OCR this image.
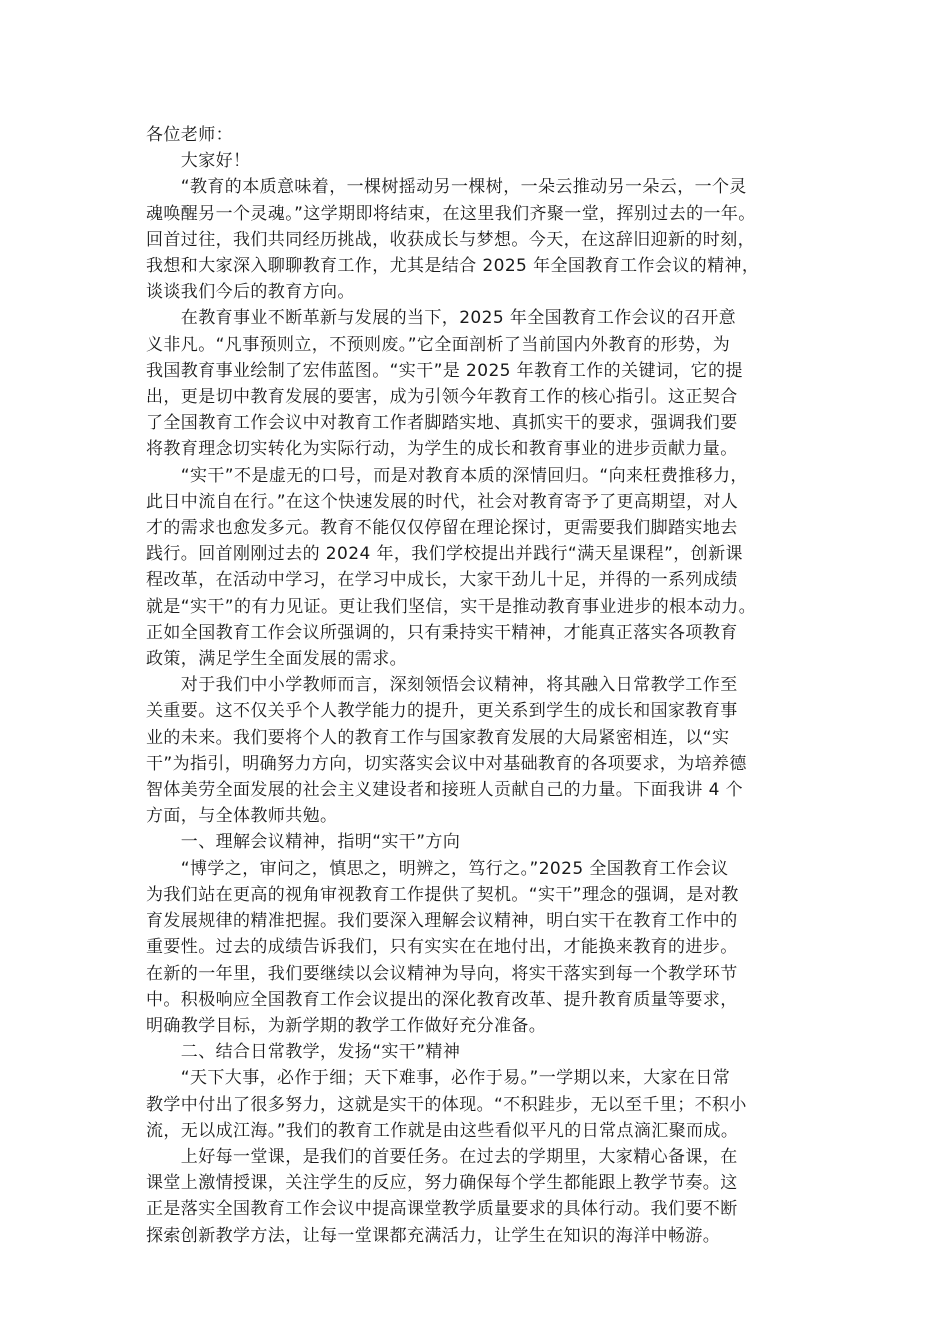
各位老师：
　　大家好！
　　“教育的本质意味着，一棵树摇动另一棵树，一朵云推动另一朵云，一个灵
魂唤醒另一个灵魂。”这学期即将结束，在这里我们齐聚一堂，挥别过去的一年。
回首过往，我们共同经历挑战，收获成长与梦想。今天，在这辞旧迎新的时刻，
我想和大家深入聊聊教育工作，尤其是结合 2025 年全国教育工作会议的精神，
谈谈我们今后的教育方向。
　　在教育事业不断革新与发展的当下，2025 年全国教育工作会议的召开意
义非凡。“凡事预则立，不预则废。”它全面剖析了当前国内外教育的形势，为
我国教育事业绘制了宏伟蓝图。“实干”是 2025 年教育工作的关键词，它的提
出，更是切中教育发展的要害，成为引领今年教育工作的核心指引。这正契合
了全国教育工作会议中对教育工作者脚踏实地、真抓实干的要求，强调我们要
将教育理念切实转化为实际行动，为学生的成长和教育事业的进步贡献力量。
　　“实干”不是虚无的口号，而是对教育本质的深情回归。“向来枉费推移力，
此日中流自在行。”在这个快速发展的时代，社会对教育寄予了更高期望，对人
才的需求也愈发多元。教育不能仅仅停留在理论探讨，更需要我们脚踏实地去
践行。回首刚刚过去的 2024 年，我们学校提出并践行“满天星课程”，创新课
程改革，在活动中学习，在学习中成长，大家干劲儿十足，并得的一系列成绩
就是“实干”的有力见证。更让我们坚信，实干是推动教育事业进步的根本动力。
正如全国教育工作会议所强调的，只有秉持实干精神，才能真正落实各项教育
政策，满足学生全面发展的需求。
　　对于我们中小学教师而言，深刻领悟会议精神，将其融入日常教学工作至
关重要。这不仅关乎个人教学能力的提升，更关系到学生的成长和国家教育事
业的未来。我们要将个人的教育工作与国家教育发展的大局紧密相连，以“实
干”为指引，明确努力方向，切实落实会议中对基础教育的各项要求，为培养德
智体美劳全面发展的社会主义建设者和接班人贡献自己的力量。下面我讲 4 个
方面，与全体教师共勉。
　　一、理解会议精神，指明“实干”方向
　　“博学之，审问之，慎思之，明辨之，笃行之。”2025 全国教育工作会议
为我们站在更高的视角审视教育工作提供了契机。“实干”理念的强调，是对教
育发展规律的精准把握。我们要深入理解会议精神，明白实干在教育工作中的
重要性。过去的成绩告诉我们，只有实实在在地付出，才能换来教育的进步。
在新的一年里，我们要继续以会议精神为导向，将实干落实到每一个教学环节
中。积极响应全国教育工作会议提出的深化教育改革、提升教育质量等要求，
明确教学目标，为新学期的教学工作做好充分准备。
　　二、结合日常教学，发扬“实干”精神
　　“天下大事，必作于细；天下难事，必作于易。”一学期以来，大家在日常
教学中付出了很多努力，这就是实干的体现。“不积跬步，无以至千里；不积小
流，无以成江海。”我们的教育工作就是由这些看似平凡的日常点滴汇聚而成。
　　上好每一堂课，是我们的首要任务。在过去的学期里，大家精心备课，在
课堂上激情授课，关注学生的反应，努力确保每个学生都能跟上教学节奏。这
正是落实全国教育工作会议中提高课堂教学质量要求的具体行动。我们要不断
探索创新教学方法，让每一堂课都充满活力，让学生在知识的海洋中畅游。
